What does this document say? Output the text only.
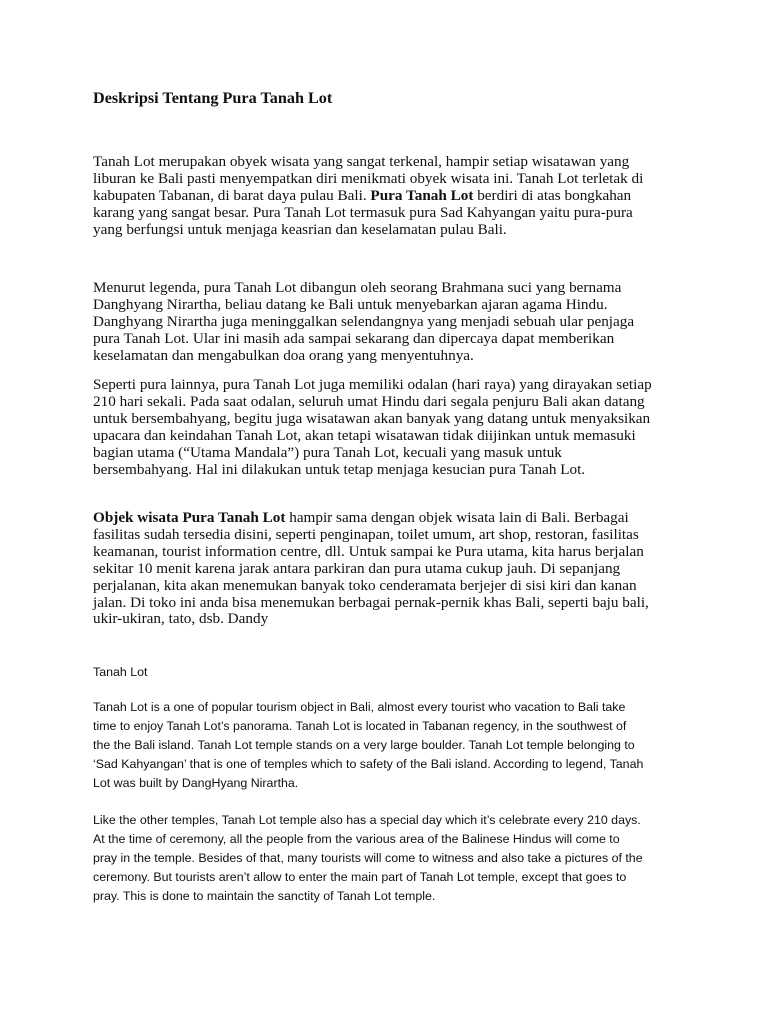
Deskripsi Tentang Pura Tanah Lot
Tanah Lot merupakan obyek wisata yang sangat terkenal, hampir setiap wisatawan yang
liburan ke Bali pasti menyempatkan diri menikmati obyek wisata ini. Tanah Lot terletak di
kabupaten Tabanan, di barat daya pulau Bali. Pura Tanah Lot berdiri di atas bongkahan
karang yang sangat besar. Pura Tanah Lot termasuk pura Sad Kahyangan yaitu pura-pura
yang berfungsi untuk menjaga keasrian dan keselamatan pulau Bali.
Menurut legenda, pura Tanah Lot dibangun oleh seorang Brahmana suci yang bernama
Danghyang Nirartha, beliau datang ke Bali untuk menyebarkan ajaran agama Hindu.
Danghyang Nirartha juga meninggalkan selendangnya yang menjadi sebuah ular penjaga
pura Tanah Lot. Ular ini masih ada sampai sekarang dan dipercaya dapat memberikan
keselamatan dan mengabulkan doa orang yang menyentuhnya.
Seperti pura lainnya, pura Tanah Lot juga memiliki odalan (hari raya) yang dirayakan setiap
210 hari sekali. Pada saat odalan, seluruh umat Hindu dari segala penjuru Bali akan datang
untuk bersembahyang, begitu juga wisatawan akan banyak yang datang untuk menyaksikan
upacara dan keindahan Tanah Lot, akan tetapi wisatawan tidak diijinkan untuk memasuki
bagian utama (“Utama Mandala”) pura Tanah Lot, kecuali yang masuk untuk
bersembahyang. Hal ini dilakukan untuk tetap menjaga kesucian pura Tanah Lot.
Objek wisata Pura Tanah Lot hampir sama dengan objek wisata lain di Bali. Berbagai
fasilitas sudah tersedia disini, seperti penginapan, toilet umum, art shop, restoran, fasilitas
keamanan, tourist information centre, dll. Untuk sampai ke Pura utama, kita harus berjalan
sekitar 10 menit karena jarak antara parkiran dan pura utama cukup jauh. Di sepanjang
perjalanan, kita akan menemukan banyak toko cenderamata berjejer di sisi kiri dan kanan
jalan. Di toko ini anda bisa menemukan berbagai pernak-pernik khas Bali, seperti baju bali,
ukir-ukiran, tato, dsb. Dandy
Tanah Lot
Tanah Lot is a one of popular tourism object in Bali, almost every tourist who vacation to Bali take
time to enjoy Tanah Lot’s panorama. Tanah Lot is located in Tabanan regency, in the southwest of
the the Bali island. Tanah Lot temple stands on a very large boulder. Tanah Lot temple belonging to
‘Sad Kahyangan’ that is one of temples which to safety of the Bali island. According to legend, Tanah
Lot was built by DangHyang Nirartha.
Like the other temples, Tanah Lot temple also has a special day which it’s celebrate every 210 days.
At the time of ceremony, all the people from the various area of the Balinese Hindus will come to
pray in the temple. Besides of that, many tourists will come to witness and also take a pictures of the
ceremony. But tourists aren’t allow to enter the main part of Tanah Lot temple, except that goes to
pray. This is done to maintain the sanctity of Tanah Lot temple.
